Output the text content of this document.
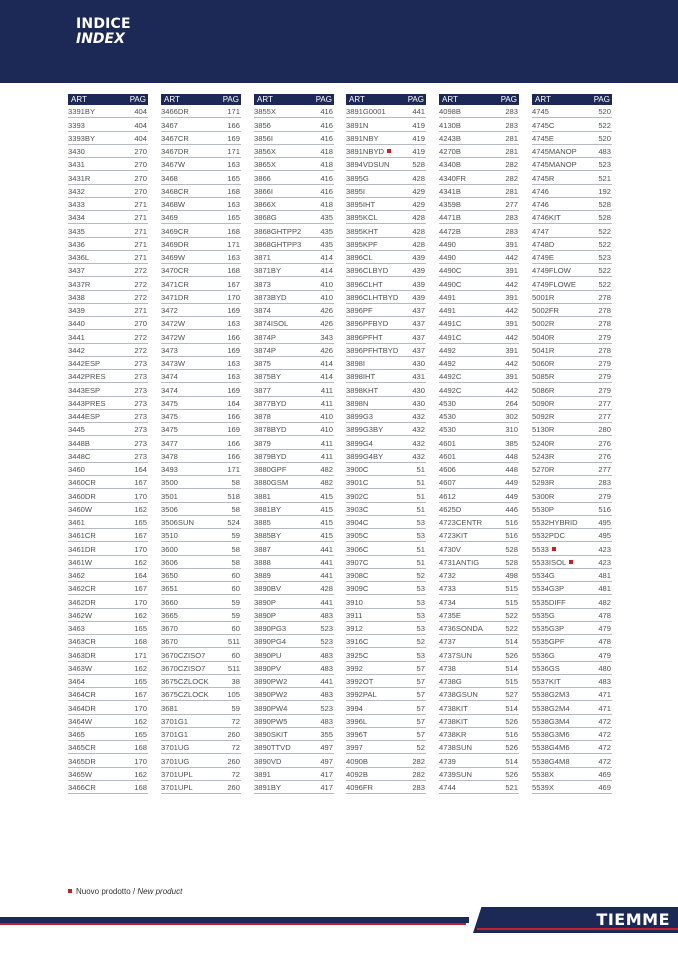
INDICE
INDEX
ART	PAG
3391BY	404
3393	404
3393BY	404
3430	270
3431	270
3431R	270
3432	270
3433	271
3434	271
3435	271
3436	271
3436L	271
3437	272
3437R	272
3438	272
3439	271
3440	270
3441	272
3442	272
3442ESP	273
3442PRES	273
3443ESP	273
3443PRES	273
3444ESP	273
3445	273
3448B	273
3448C	273
3460	164
3460CR	167
3460DR	170
3460W	162
3461	165
3461CR	167
3461DR	170
3461W	162
3462	164
3462CR	167
3462DR	170
3462W	162
3463	165
3463CR	168
3463DR	171
3463W	162
3464	165
3464CR	167
3464DR	170
3464W	162
3465	165
3465CR	168
3465DR	170
3465W	162
3466CR	168
ART	PAG
3466DR	171
3467	166
3467CR	169
3467DR	171
3467W	163
3468	165
3468CR	168
3468W	163
3469	165
3469CR	168
3469DR	171
3469W	163
3470CR	168
3471CR	167
3471DR	170
3472	169
3472W	163
3472W	166
3473	169
3473W	163
3474	163
3474	169
3475	164
3475	166
3475	169
3477	166
3478	166
3493	171
3500	58
3501	518
3506	58
3506SUN	524
3510	59
3600	58
3606	58
3650	60
3651	60
3660	59
3665	59
3670	60
3670	511
3670CZISO7	60
3670CZISO7	511
3675CZLOCK	38
3675CZLOCK 105
3681	59
3701G1	72
3701G1	260
3701UG	72
3701UG	260
3701UPL	72
3701UPL	260
ART	PAG
3855X	416
3856	416
3856I	416
3856X	418
3865X	418
3866	416
3866I	416
3866X	418
3868G	435
3868GHTPP2	435
3868GHTPP3	435
3871	414
3871BY	414
3873	410
3873BYD	410
3874	426
3874ISOL	426
3874P	343
3874P	426
3875	414
3875BY	414
3877	411
3877BYD	411
3878	410
3878BYD	410
3879	411
3879BYD	411
3880GPF	482
3880GSM	482
3881	415
3881BY	415
3885	415
3885BY	415
3887	441
3888	441
3889	441
3890BV	428
3890P	441
3890P	483
3890PG3	523
3890PG4	523
3890PU	483
3890PV	483
3890PW2	441
3890PW2	483
3890PW4	523
3890PW5	483
3890SKIT	355
3890TTVD	497
3890VD	497
3891	417
3891BY	417
ART	PAG
3891G0001	441
3891N	419
3891NBY	419
3891NBYD	419
3894VDSUN	528
3895G	428
3895I	429
3895IHT	429
3895KCL	428
3895KHT	428
3895KPF	428
3896CL	439
3896CLBYD	439
3896CLHT	439
3896CLHTBYD 439
3896PF	437
3896PFBYD	437
3896PFHT	437
3896PFHTBYD 437
3898I	430
3898IHT	431
3898KHT	430
3898N	430
3899G3	432
3899G3BY	432
3899G4	432
3899G4BY	432
3900C	51
3901C	51
3902C	51
3903C	51
3904C	53
3905C	53
3906C	51
3907C	51
3908C	52
3909C	53
3910	53
3911	53
3912	53
3916C	52
3925C	53
3992	57
3992OT	57
3992PAL	57
3994	57
3996L	57
3996T	57
3997	52
4090B	282
4092B	282
4096FR	283
ART	PAG
4098B	283
4130B	283
4243B	281
4270B	281
4340B	282
4340FR	282
4341B	281
4359B	277
4471B	283
4472B	283
4490	391
4490	442
4490C	391
4490C	442
4491	391
4491	442
4491C	391
4491C	442
4492	391
4492	442
4492C	391
4492C	442
4530	264
4530	302
4530	310
4601	385
4601	448
4606	448
4607	449
4612	449
4625D	446
4723CENTR	516
4723KIT	516
4730V	528
4731ANTIG	528
4732	498
4733	515
4734	515
4735E	522
4736SONDA	522
4737	514
4737SUN	526
4738	514
4738G	515
4738GSUN	527
4738KIT	514
4738KIT	526
4738KR	516
4738SUN	526
4739	514
4739SUN	526
4744	521
ART	PAG
4745	520
4745C	522
4745E	520
4745MANOP	483
4745MANOP	523
4745R	521
4746	192
4746	528
4746KIT	528
4747	522
4748D	522
4749E	523
4749FLOW	522
4749FLOWE	522
5001R	278
5002FR	278
5002R	278
5040R	279
5041R	278
5060R	279
5085R	279
5086R	279
5090R	277
5092R	277
5130R	280
5240R	276
5243R	276
5270R	277
5293R	283
5300R	279
5530P	516
5532HYBRID	495
5532PDC	495
5533	423
5533ISOL	423
5534G	481
5534G3P	481
5535DIFF	482
5535G	478
5535G3P	479
5535GPF	478
5536G	479
5536GS	480
5537KIT	483
5538G2M3	471
5538G2M4	471
5538G3M4	472
5538G3M6	472
5538G4M6	472
5538G4M8	472
5538X	469
5539X	469
Nuovo prodotto / New product
TIEMME
